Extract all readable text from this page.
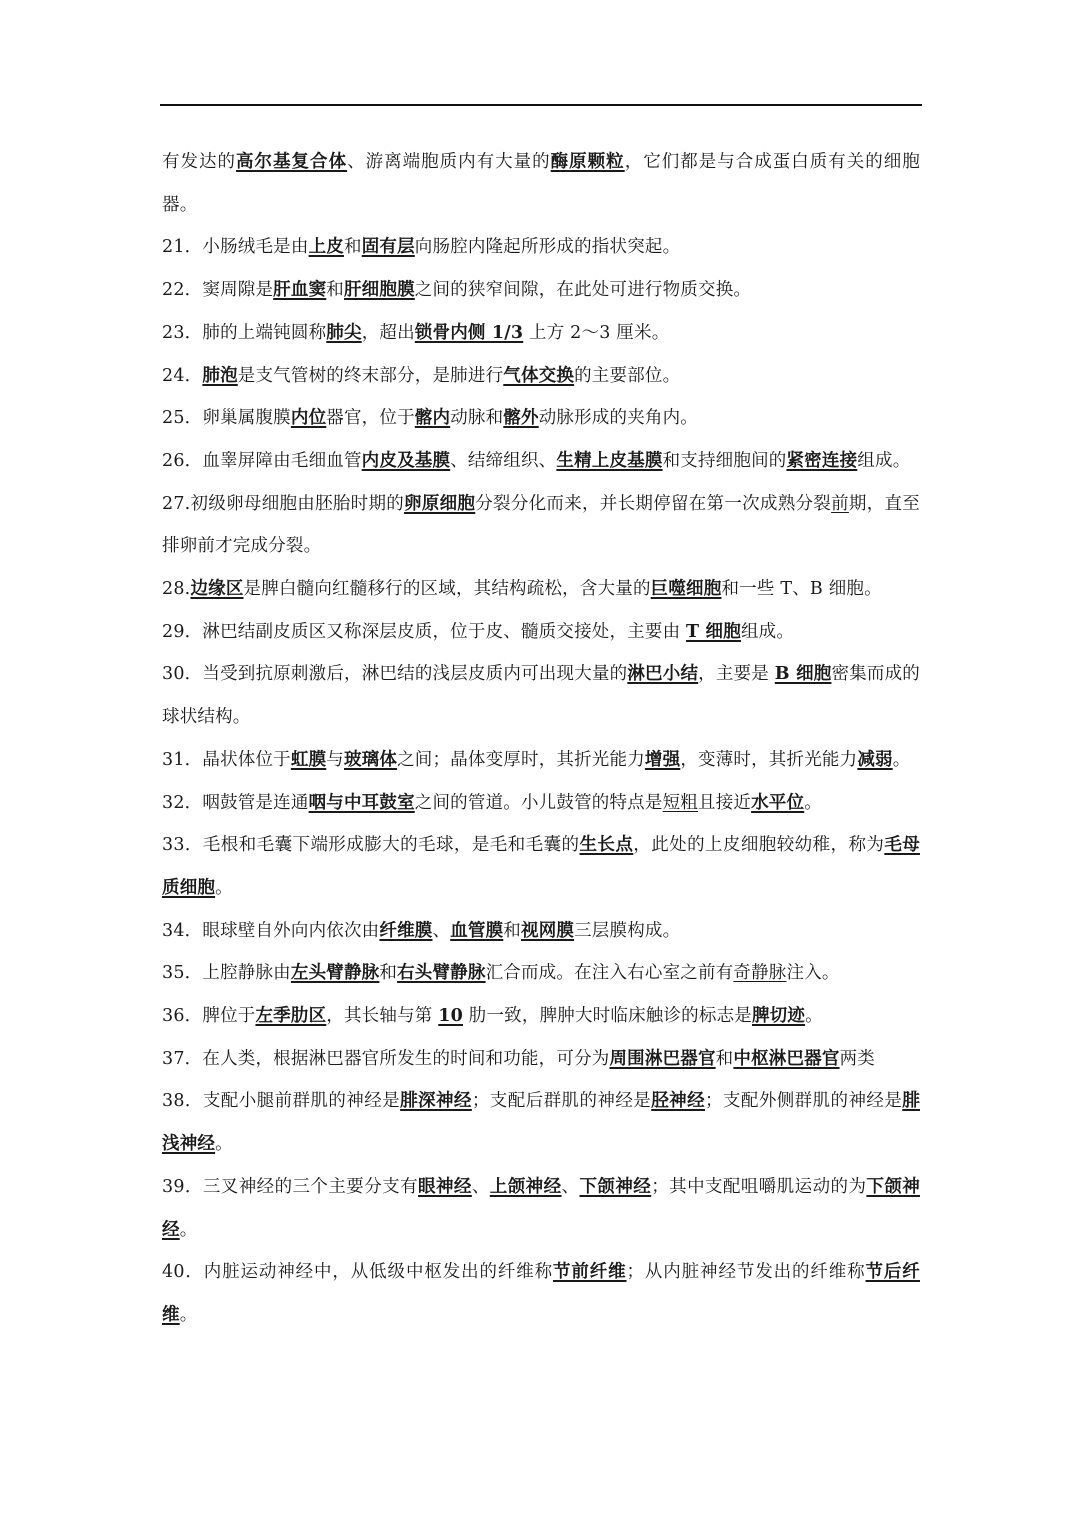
有发达的高尔基复合体、游离端胞质内有大量的酶原颗粒，它们都是与合成蛋白质有关的细胞器。

21．小肠绒毛是由上皮和固有层向肠腔内隆起所形成的指状突起。

22．窦周隙是肝血窦和肝细胞膜之间的狭窄间隙，在此处可进行物质交换。

23．肺的上端钝圆称肺尖，超出锁骨内侧 1/3 上方 2～3 厘米。

24．肺泡是支气管树的终末部分，是肺进行气体交换的主要部位。

25．卵巢属腹膜内位器官，位于髂内动脉和髂外动脉形成的夹角内。

26．血睾屏障由毛细血管内皮及基膜、结缔组织、生精上皮基膜和支持细胞间的紧密连接组成。

27.初级卵母细胞由胚胎时期的卵原细胞分裂分化而来，并长期停留在第一次成熟分裂前期，直至排卵前才完成分裂。

28.边缘区是脾白髓向红髓移行的区域，其结构疏松，含大量的巨噬细胞和一些 T、B 细胞。

29．淋巴结副皮质区又称深层皮质，位于皮、髓质交接处，主要由 T 细胞组成。

30．当受到抗原刺激后，淋巴结的浅层皮质内可出现大量的淋巴小结，主要是 B 细胞密集而成的球状结构。

31．晶状体位于虹膜与玻璃体之间；晶体变厚时，其折光能力增强，变薄时，其折光能力减弱。

32．咽鼓管是连通咽与中耳鼓室之间的管道。小儿鼓管的特点是短粗且接近水平位。

33．毛根和毛囊下端形成膨大的毛球，是毛和毛囊的生长点，此处的上皮细胞较幼稚，称为毛母质细胞。

34．眼球壁自外向内依次由纤维膜、血管膜和视网膜三层膜构成。

35．上腔静脉由左头臂静脉和右头臂静脉汇合而成。在注入右心室之前有奇静脉注入。

36．脾位于左季肋区，其长轴与第 10 肋一致，脾肿大时临床触诊的标志是脾切迹。

37．在人类，根据淋巴器官所发生的时间和功能，可分为周围淋巴器官和中枢淋巴器官两类

38．支配小腿前群肌的神经是腓深神经；支配后群肌的神经是胫神经；支配外侧群肌的神经是腓浅神经。

39．三叉神经的三个主要分支有眼神经、上颌神经、下颌神经；其中支配咀嚼肌运动的为下颌神经。

40．内脏运动神经中，从低级中枢发出的纤维称节前纤维；从内脏神经节发出的纤维称节后纤维。
